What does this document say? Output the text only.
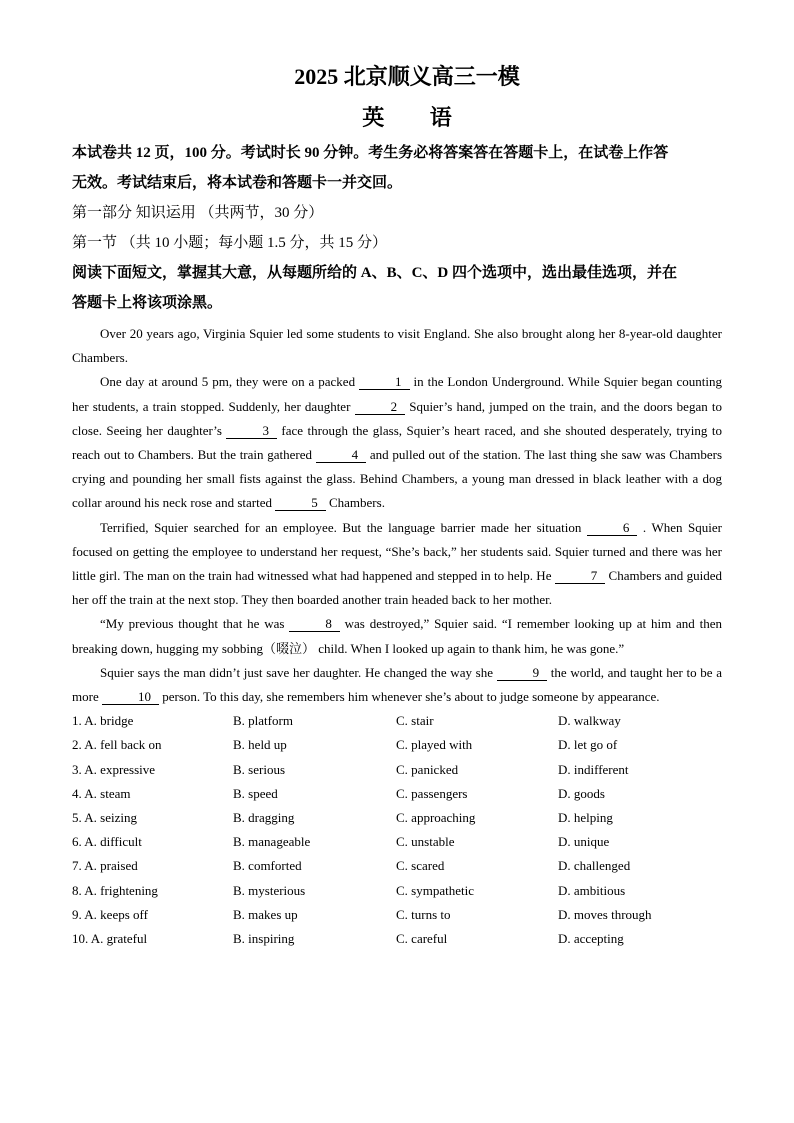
2025 北京顺义高三一模
英 语
本试卷共 12 页，100 分。考试时长 90 分钟。考生务必将答案答在答题卡上，在试卷上作答
无效。考试结束后，将本试卷和答题卡一并交回。
第一部分 知识运用 （共两节，30 分）
第一节 （共 10 小题；每小题 1.5 分，共 15 分）
阅读下面短文，掌握其大意，从每题所给的 A、B、C、D 四个选项中，选出最佳选项，并在
答题卡上将该项涂黑。

Over 20 years ago, Virginia Squier led some students to visit England. She also brought along her 8-year-old daughter Chambers.

One day at around 5 pm, they were on a packed	1 in the London Underground. While Squier began counting her students, a train stopped. Suddenly, her daughter	2 Squier’s hand, jumped on the train, and the doors began to close. Seeing her daughter’s	3 face through the glass, Squier’s heart raced, and she shouted desperately, trying to reach out to Chambers. But the train gathered	4 and pulled out of the station. The last thing she saw was Chambers crying and pounding her small fists against the glass. Behind Chambers, a young man dressed in black leather with a dog collar around his neck rose and started	5 Chambers.

Terrified, Squier searched for an employee. But the language barrier made her situation	6 . When Squier focused on getting the employee to understand her request, “She’s back,” her students said. Squier turned and there was her little girl. The man on the train had witnessed what had happened and stepped in to help. He	7 Chambers and guided her off the train at the next stop. They then boarded another train headed back to her mother.

“My previous thought that he was	8 was destroyed,” Squier said. “I remember looking up at him and then breaking down, hugging my sobbing（啜泣） child. When I looked up again to thank him, he was gone.”

Squier says the man didn’t just save her daughter. He changed the way she	9 the world, and taught her to be a more	10 person. To this day, she remembers him whenever she’s about to judge someone by appearance.

1. A. bridge	B. platform	C. stair	D. walkway
2. A. fell back on	B. held up	C. played with	D. let go of
3. A. expressive	B. serious	C. panicked	D. indifferent
4. A. steam	B. speed	C. passengers	D. goods
5. A. seizing	B. dragging	C. approaching	D. helping
6. A. difficult	B. manageable	C. unstable	D. unique
7. A. praised	B. comforted	C. scared	D. challenged
8. A. frightening	B. mysterious	C. sympathetic	D. ambitious
9. A. keeps off	B. makes up	C. turns to	D. moves through
10. A. grateful	B. inspiring	C. careful	D. accepting
